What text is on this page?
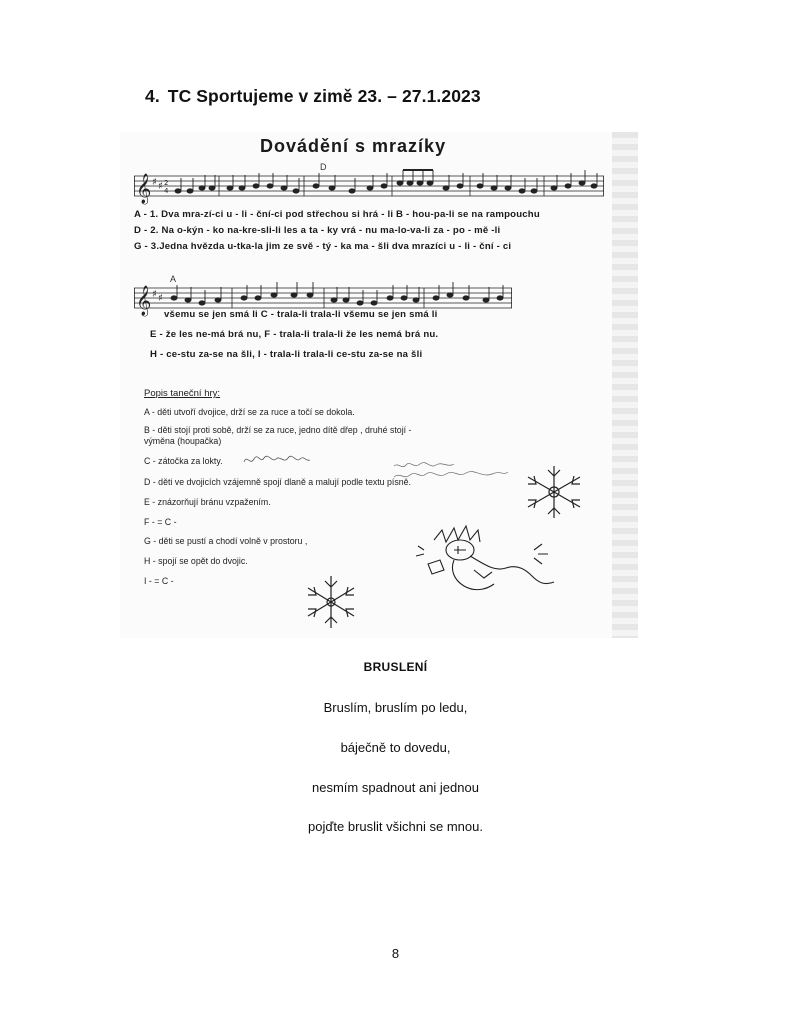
4. TC Sportujeme v zimě 23. – 27.1.2023
Dovádění s mrazíky
𝄞 ♯ ♯ 2
4
D
A
A - 1. Dva mra-zí-ci u - li - ční-ci pod střechou si hrá - li B - hou-pa-li se na rampouchu
D - 2. Na o-kýn - ko na-kre-sli-li les a ta - ky vrá - nu ma-lo-va-li za - po - mě -li
G - 3.Jedna hvězda u-tka-la jim ze svě - tý - ka ma - šli dva mrazíci u - li - ční - ci
𝄞 ♯ ♯
všemu se jen smá li C - trala-li trala-li všemu se jen smá li
E - že les ne-má brá nu, F - trala-li trala-li že les nemá brá nu.
H - ce-stu za-se na šli, I - trala-li trala-li ce-stu za-se na šli
Popis taneční hry:
A - děti utvoří dvojice, drží se za ruce a točí se dokola.
B - děti stojí proti sobě, drží se za ruce, jedno dítě dřep , druhé stojí - výměna (houpačka)
C - zátočka za lokty.
D - děti ve dvojicích vzájemně spojí dlaně a malují podle textu písně.
E - znázorňují bránu vzpažením.
F - = C -
G - děti se pustí a chodí volně v prostoru ,
H - spojí se opět do dvojic.
I - = C -
BRUSLENÍ
Bruslím, bruslím po ledu,
báječně to dovedu,
nesmím spadnout ani jednou
pojďte bruslit všichni se mnou.
8
